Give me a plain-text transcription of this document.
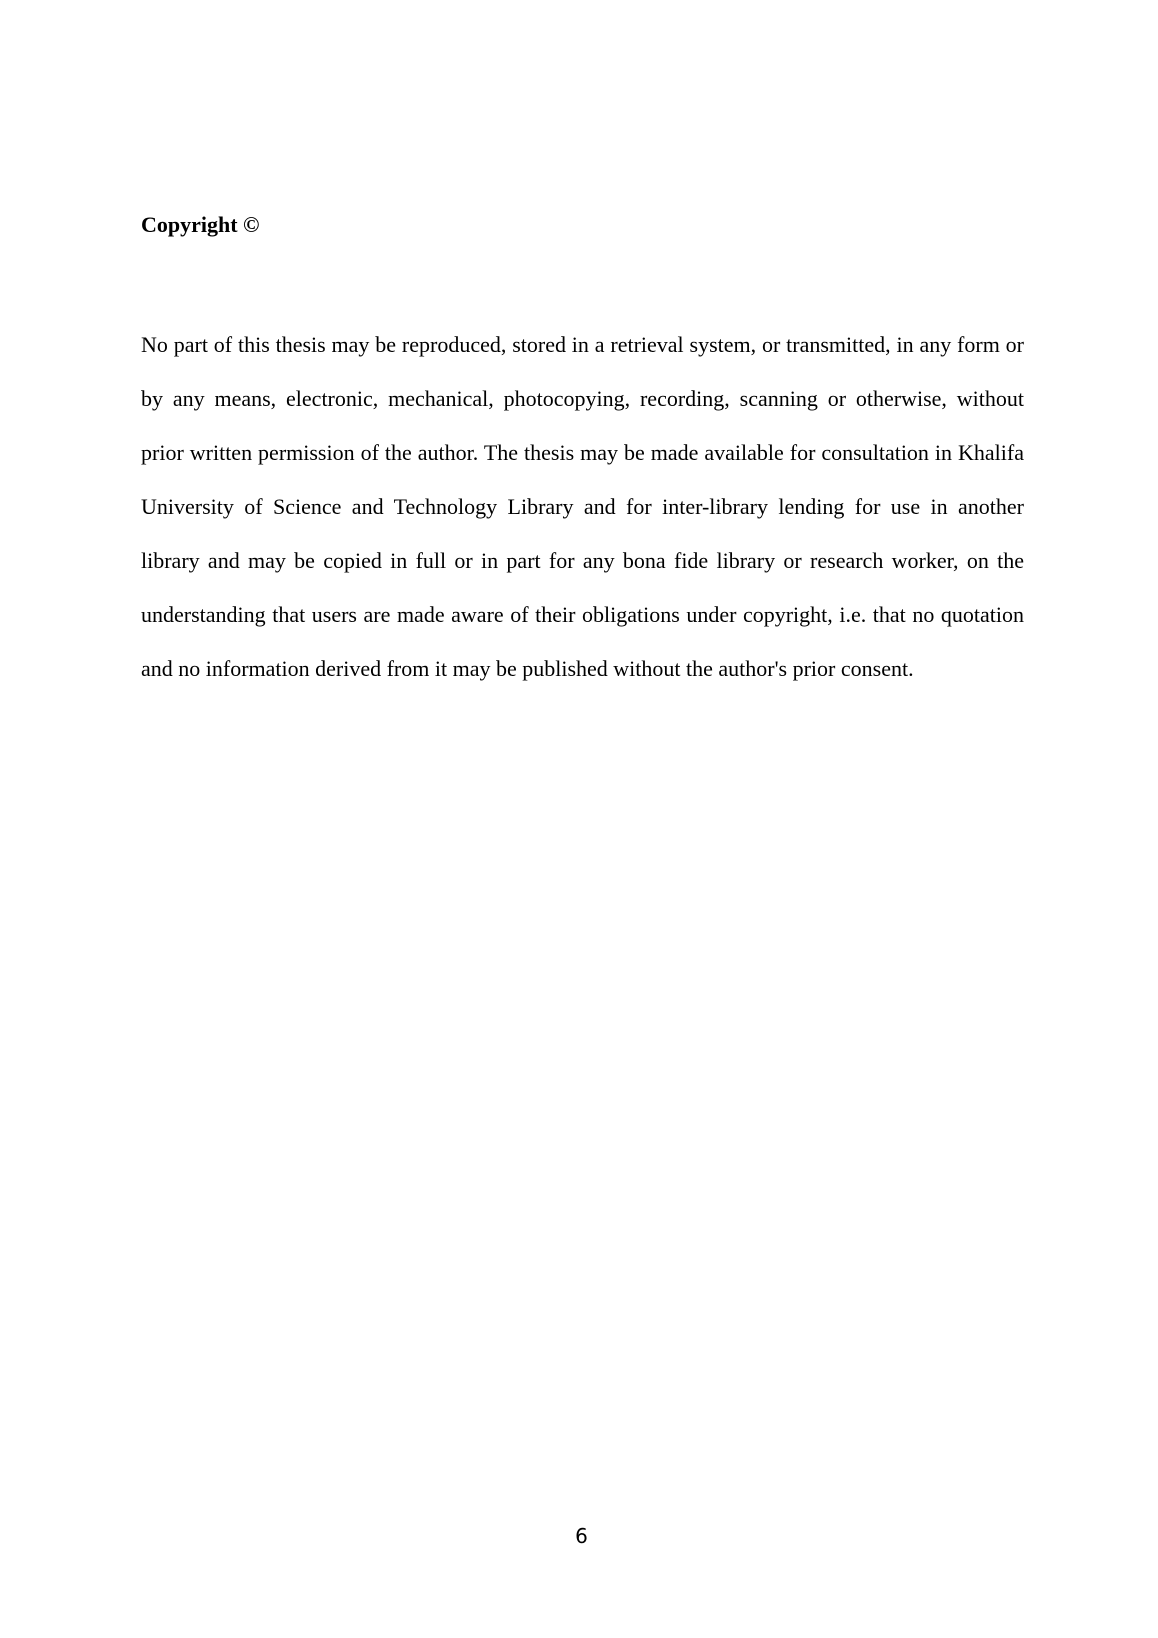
Copyright ©

No part of this thesis may be reproduced, stored in a retrieval system, or transmitted, in any form or by any means, electronic, mechanical, photocopying, recording, scanning or otherwise, without prior written permission of the author. The thesis may be made available for consultation in Khalifa University of Science and Technology Library and for inter-library lending for use in another library and may be copied in full or in part for any bona fide library or research worker, on the understanding that users are made aware of their obligations under copyright, i.e. that no quotation and no information derived from it may be published without the author's prior consent.

6
